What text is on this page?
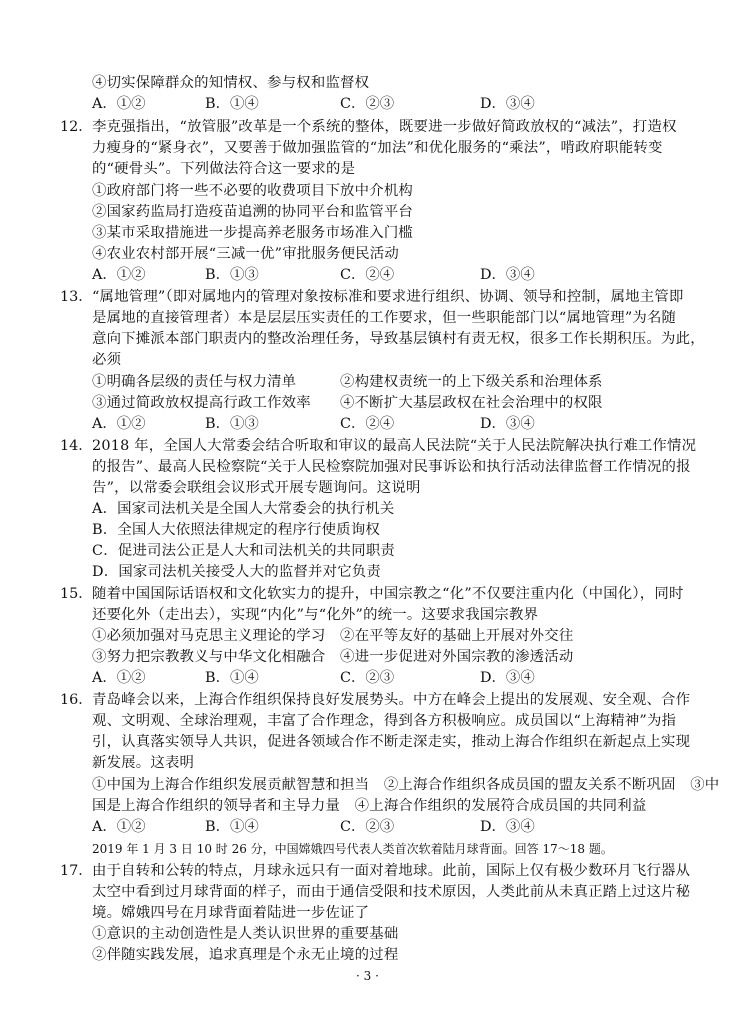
④切实保障群众的知情权、参与权和监督权
A．①②	B．①④	C．②③	D．③④
12． 李克强指出，“放管服”改革是一个系统的整体，既要进一步做好简政放权的“减法”，打造权
力瘦身的“紧身衣”，又要善于做加强监管的“加法”和优化服务的“乘法”，啃政府职能转变
的“硬骨头”。下列做法符合这一要求的是
①政府部门将一些不必要的收费项目下放中介机构
②国家药监局打造疫苗追溯的协同平台和监管平台
③某市采取措施进一步提高养老服务市场准入门槛
④农业农村部开展“三减一优”审批服务便民活动
A．①②	B．①③	C．②④	D．③④
13． “属地管理”（即对属地内的管理对象按标准和要求进行组织、协调、领导和控制，属地主管即
是属地的直接管理者）本是层层压实责任的工作要求，但一些职能部门以“属地管理”为名随
意向下摊派本部门职责内的整改治理任务，导致基层镇村有责无权，很多工作长期积压。为此，
必须
①明确各层级的责任与权力清单	②构建权责统一的上下级关系和治理体系
③通过简政放权提高行政工作效率 ④不断扩大基层政权在社会治理中的权限
A．①②	B．①③	C．②④	D．③④
14． 2018 年，全国人大常委会结合听取和审议的最高人民法院“关于人民法院解决执行难工作情况
的报告”、最高人民检察院“关于人民检察院加强对民事诉讼和执行活动法律监督工作情况的报
告”，以常委会联组会议形式开展专题询问。这说明
A．国家司法机关是全国人大常委会的执行机关
B．全国人大依照法律规定的程序行使质询权
C．促进司法公正是人大和司法机关的共同职责
D．国家司法机关接受人大的监督并对它负责
15． 随着中国国际话语权和文化软实力的提升，中国宗教之“化”不仅要注重内化（中国化），同时
还要化外（走出去），实现“内化”与“化外”的统一。这要求我国宗教界
①必须加强对马克思主义理论的学习 ②在平等友好的基础上开展对外交往
③努力把宗教教义与中华文化相融合 ④进一步促进对外国宗教的渗透活动
A．①②	B．①④	C．②③	D．③④
16． 青岛峰会以来，上海合作组织保持良好发展势头。中方在峰会上提出的发展观、安全观、合作
观、文明观、全球治理观，丰富了合作理念，得到各方积极响应。成员国以“上海精神”为指
引，认真落实领导人共识，促进各领域合作不断走深走实，推动上海合作组织在新起点上实现
新发展。这表明
①中国为上海合作组织发展贡献智慧和担当　②上海合作组织各成员国的盟友关系不断巩固　③中
国是上海合作组织的领导者和主导力量　④上海合作组织的发展符合成员国的共同利益
A．①②	B．①④	C．②③	D．③④
2019 年 1 月 3 日 10 时 26 分，中国嫦娥四号代表人类首次软着陆月球背面。回答 17～18 题。
17． 由于自转和公转的特点，月球永远只有一面对着地球。此前，国际上仅有极少数环月飞行器从
太空中看到过月球背面的样子，而由于通信受限和技术原因，人类此前从未真正踏上过这片秘
境。嫦娥四号在月球背面着陆进一步佐证了
①意识的主动创造性是人类认识世界的重要基础
②伴随实践发展，追求真理是个永无止境的过程
· 3 ·
